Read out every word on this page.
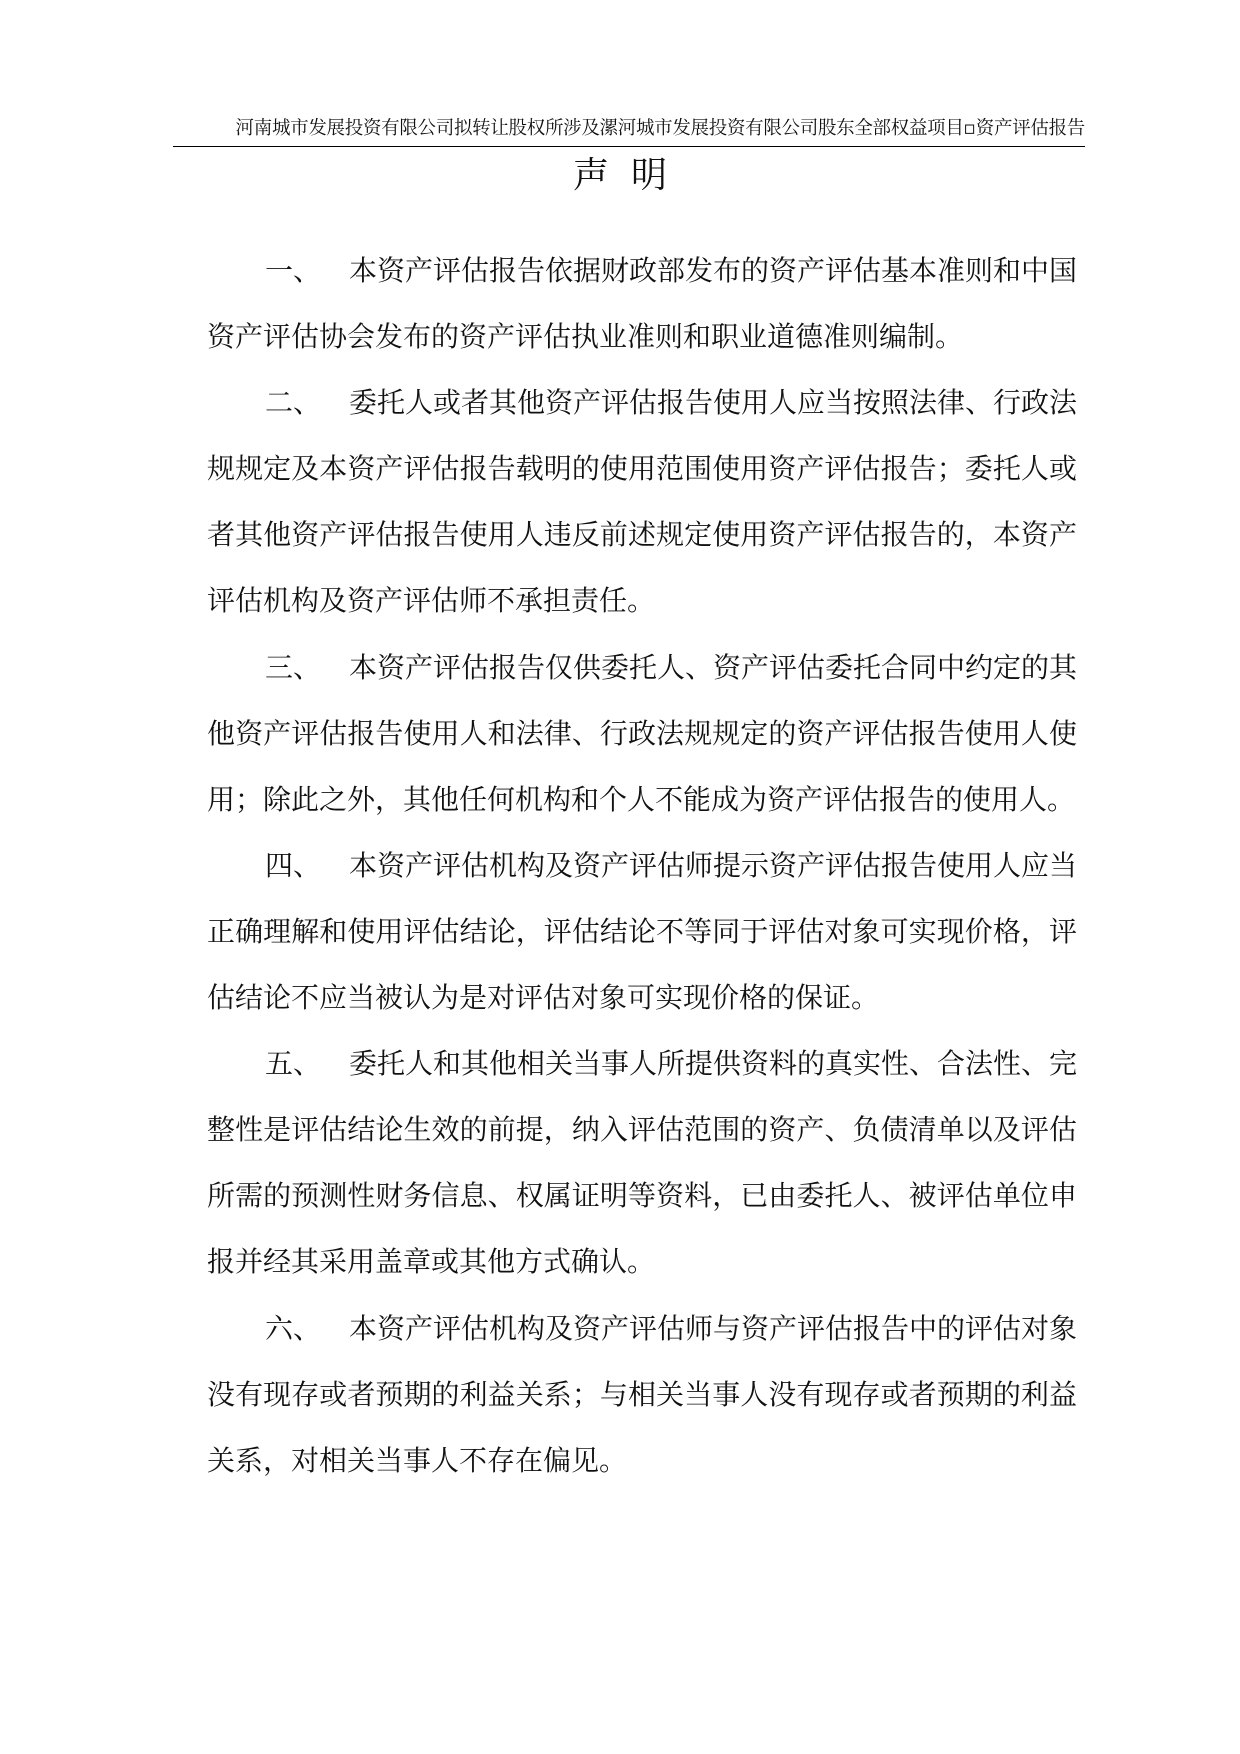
河南城市发展投资有限公司拟转让股权所涉及漯河城市发展投资有限公司股东全部权益项目▫资产评估报告
声明

一、 本资产评估报告依据财政部发布的资产评估基本准则和中国资产评估协会发布的资产评估执业准则和职业道德准则编制。

二、 委托人或者其他资产评估报告使用人应当按照法律、行政法规规定及本资产评估报告载明的使用范围使用资产评估报告；委托人或者其他资产评估报告使用人违反前述规定使用资产评估报告的，本资产评估机构及资产评估师不承担责任。

三、 本资产评估报告仅供委托人、资产评估委托合同中约定的其他资产评估报告使用人和法律、行政法规规定的资产评估报告使用人使用；除此之外，其他任何机构和个人不能成为资产评估报告的使用人。

四、 本资产评估机构及资产评估师提示资产评估报告使用人应当正确理解和使用评估结论，评估结论不等同于评估对象可实现价格，评估结论不应当被认为是对评估对象可实现价格的保证。

五、 委托人和其他相关当事人所提供资料的真实性、合法性、完整性是评估结论生效的前提，纳入评估范围的资产、负债清单以及评估所需的预测性财务信息、权属证明等资料，已由委托人、被评估单位申报并经其采用盖章或其他方式确认。

六、 本资产评估机构及资产评估师与资产评估报告中的评估对象没有现存或者预期的利益关系；与相关当事人没有现存或者预期的利益关系，对相关当事人不存在偏见。
